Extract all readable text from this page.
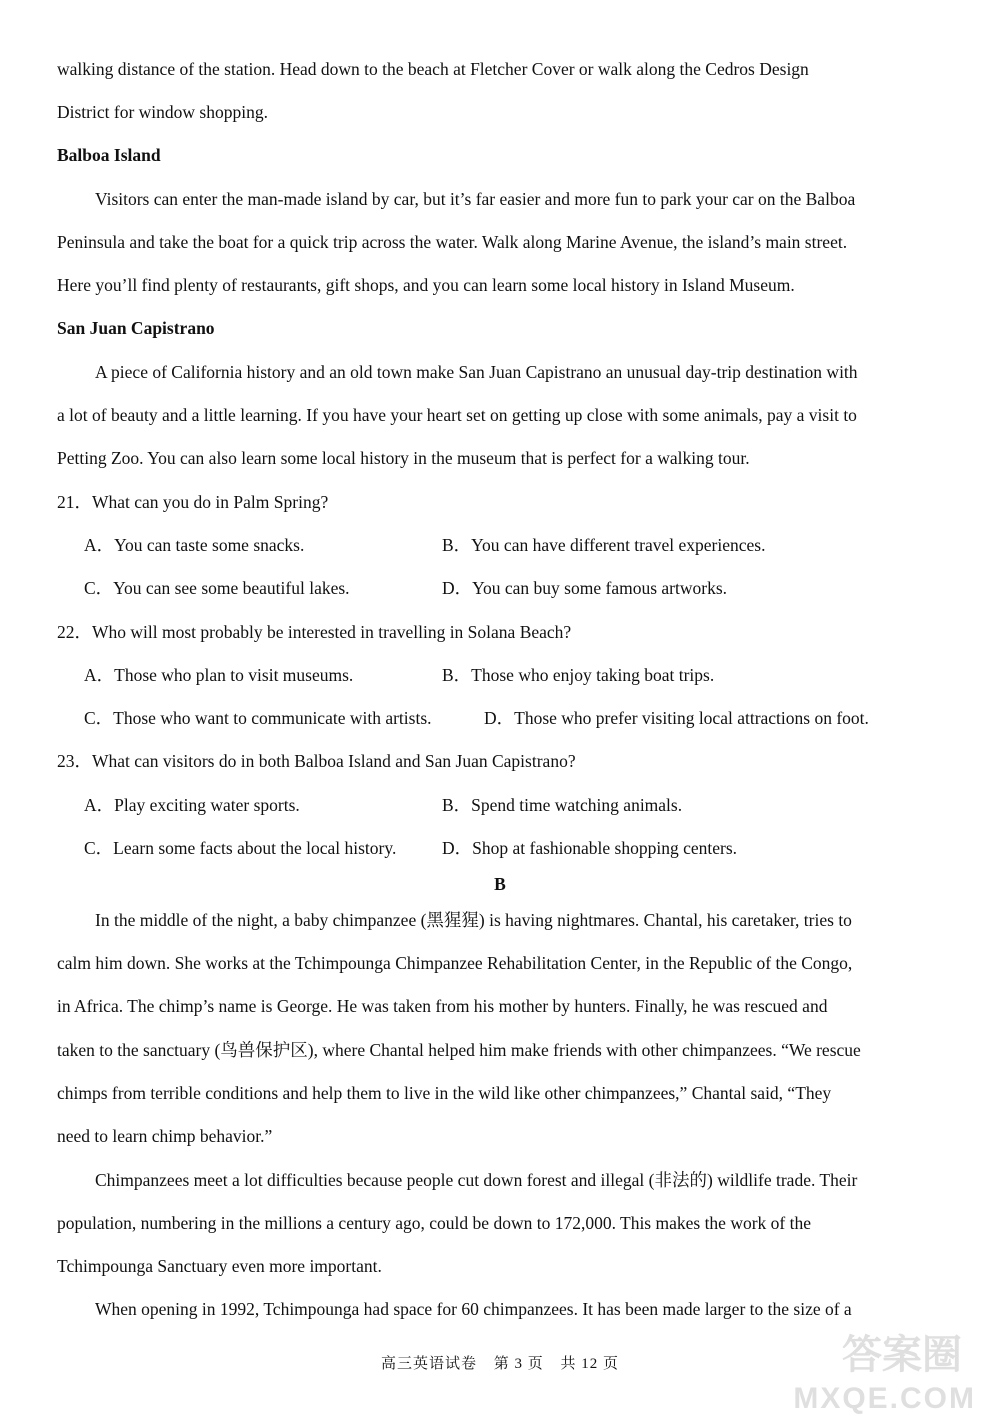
walking distance of the station. Head down to the beach at Fletcher Cover or walk along the Cedros Design
District for window shopping.
Balboa Island
Visitors can enter the man-made island by car, but it’s far easier and more fun to park your car on the Balboa
Peninsula and take the boat for a quick trip across the water. Walk along Marine Avenue, the island’s main street.
Here you’ll find plenty of restaurants, gift shops, and you can learn some local history in Island Museum.
San Juan Capistrano
A piece of California history and an old town make San Juan Capistrano an unusual day-trip destination with
a lot of beauty and a little learning. If you have your heart set on getting up close with some animals, pay a visit to
Petting Zoo. You can also learn some local history in the museum that is perfect for a walking tour.
21．What can you do in Palm Spring?
A．You can taste some snacks.	B．You can have different travel experiences.
C．You can see some beautiful lakes.	D．You can buy some famous artworks.
22．Who will most probably be interested in travelling in Solana Beach?
A．Those who plan to visit museums.	B．Those who enjoy taking boat trips.
C．Those who want to communicate with artists.	D．Those who prefer visiting local attractions on foot.
23．What can visitors do in both Balboa Island and San Juan Capistrano?
A．Play exciting water sports.	B．Spend time watching animals.
C．Learn some facts about the local history.	D．Shop at fashionable shopping centers.
B
In the middle of the night, a baby chimpanzee (黑猩猩) is having nightmares. Chantal, his caretaker, tries to
calm him down. She works at the Tchimpounga Chimpanzee Rehabilitation Center, in the Republic of the Congo,
in Africa. The chimp’s name is George. He was taken from his mother by hunters. Finally, he was rescued and
taken to the sanctuary (鸟兽保护区), where Chantal helped him make friends with other chimpanzees. “We rescue
chimps from terrible conditions and help them to live in the wild like other chimpanzees,” Chantal said, “They
need to learn chimp behavior.”
Chimpanzees meet a lot difficulties because people cut down forest and illegal (非法的) wildlife trade. Their
population, numbering in the millions a century ago, could be down to 172,000. This makes the work of the
Tchimpounga Sanctuary even more important.
When opening in 1992, Tchimpounga had space for 60 chimpanzees. It has been made larger to the size of a
高三英语试卷 第 3 页 共 12 页	答案圈
MXQE.COM
